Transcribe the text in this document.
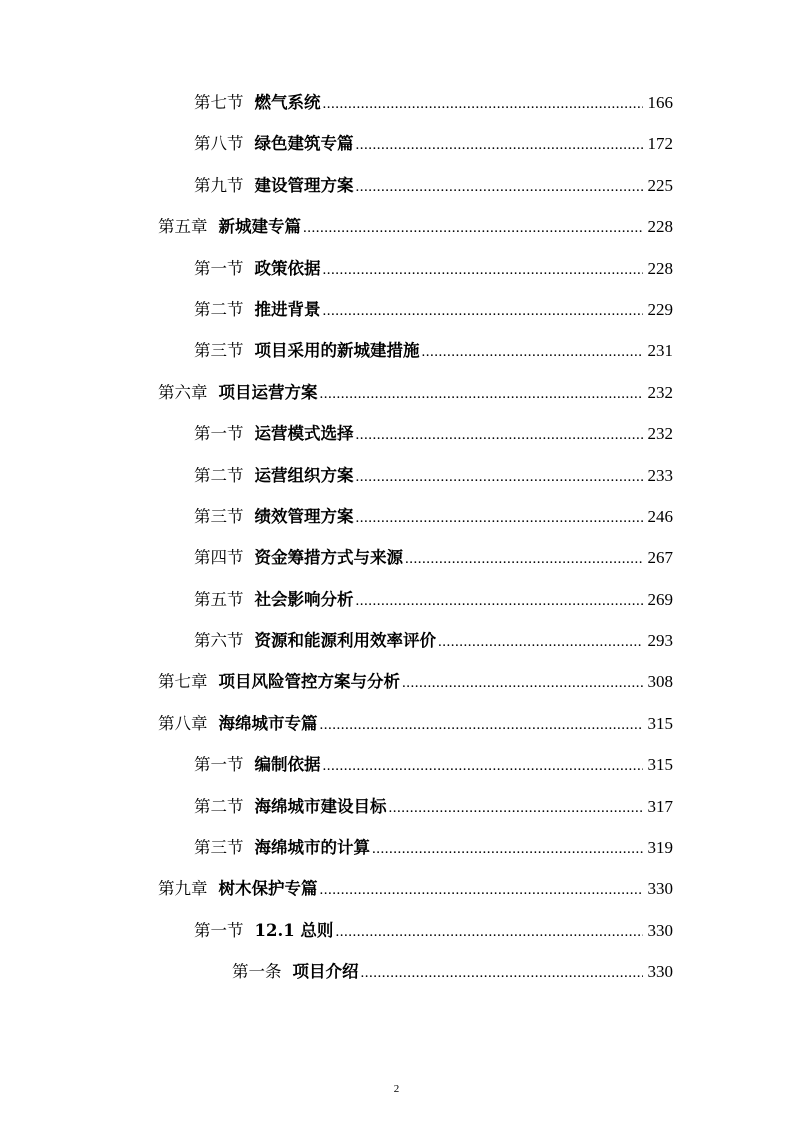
第七节 燃气系统 .....	166
第八节 绿色建筑专篇 .....	172
第九节 建设管理方案 .....	225
第五章 新城建专篇 .....	228
第一节 政策依据 .....	228
第二节 推进背景 .....	229
第三节 项目采用的新城建措施 .....	231
第六章 项目运营方案 .....	232
第一节 运营模式选择 .....	232
第二节 运营组织方案 .....	233
第三节 绩效管理方案 .....	246
第四节 资金筹措方式与来源 .....	267
第五节 社会影响分析 .....	269
第六节 资源和能源利用效率评价 .....	293
第七章 项目风险管控方案与分析 .....	308
第八章 海绵城市专篇 .....	315
第一节 编制依据 .....	315
第二节 海绵城市建设目标 .....	317
第三节 海绵城市的计算 .....	319
第九章 树木保护专篇 .....	330
第一节 12.1 总则 .....	330
第一条 项目介绍 .....	330
2
